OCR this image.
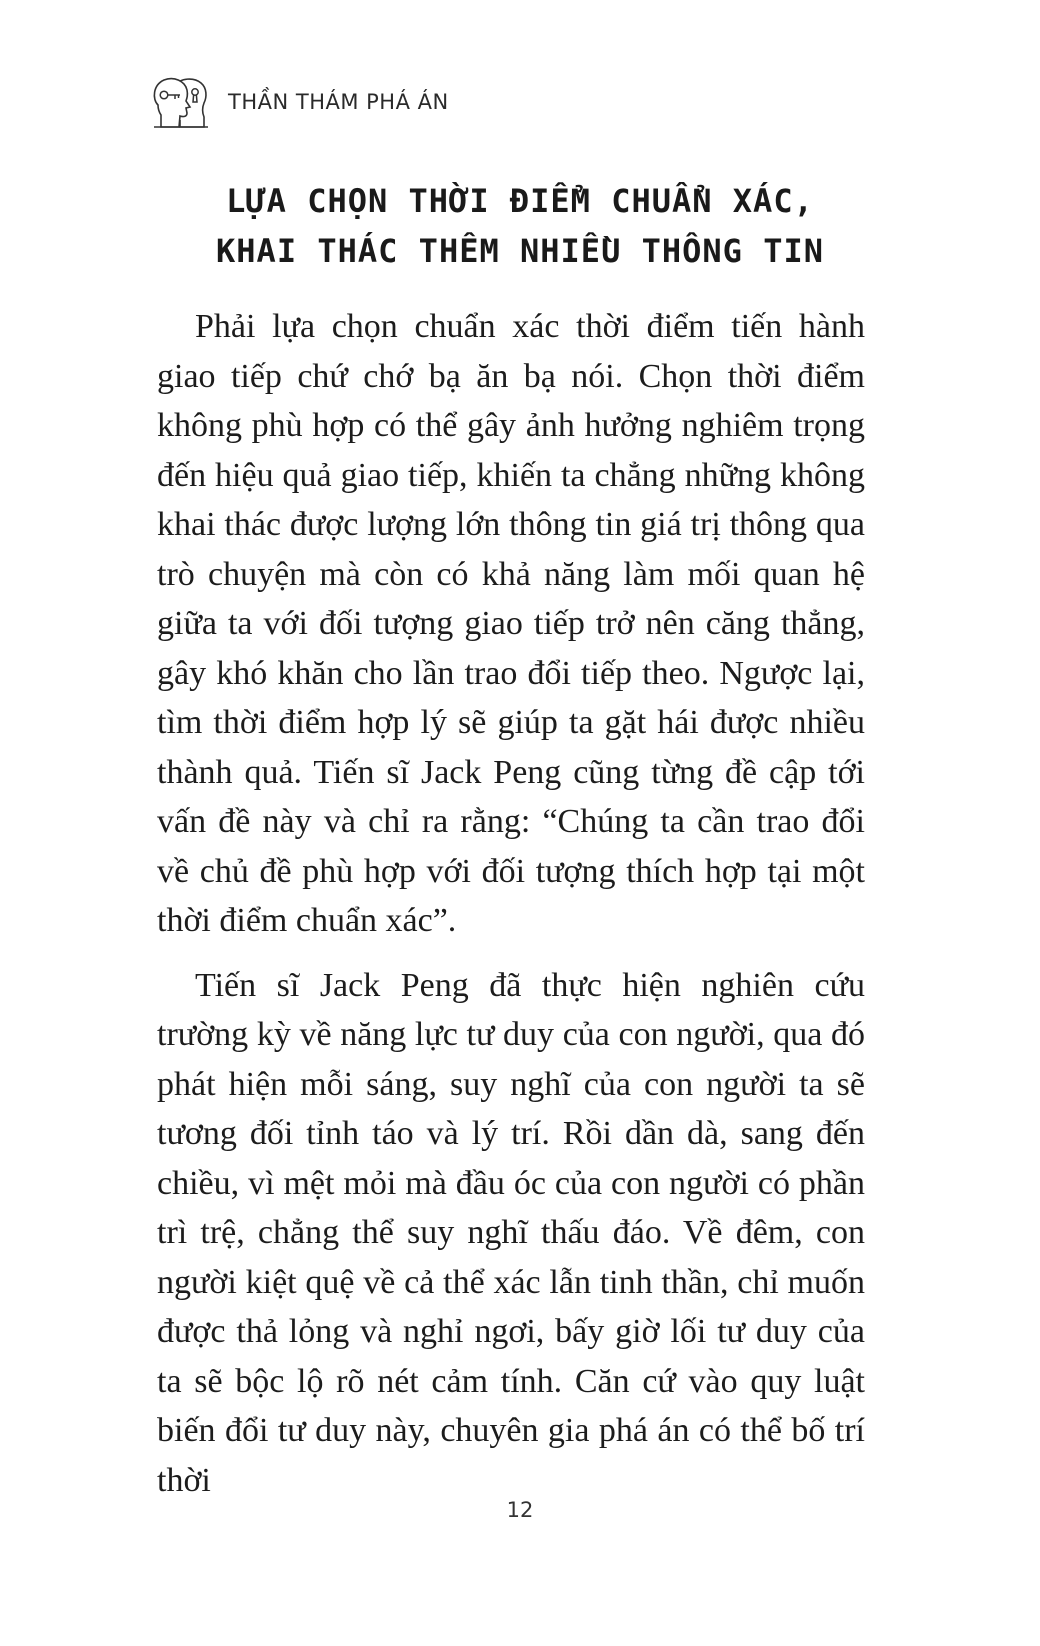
THẦN THÁM PHÁ ÁN
LỰA CHỌN THỜI ĐIỂM CHUẨN XÁC,
KHAI THÁC THÊM NHIỀU THÔNG TIN

Phải lựa chọn chuẩn xác thời điểm tiến hành giao tiếp chứ chớ bạ ăn bạ nói. Chọn thời điểm không phù hợp có thể gây ảnh hưởng nghiêm trọng đến hiệu quả giao tiếp, khiến ta chẳng những không khai thác được lượng lớn thông tin giá trị thông qua trò chuyện mà còn có khả năng làm mối quan hệ giữa ta với đối tượng giao tiếp trở nên căng thẳng, gây khó khăn cho lần trao đổi tiếp theo. Ngược lại, tìm thời điểm hợp lý sẽ giúp ta gặt hái được nhiều thành quả. Tiến sĩ Jack Peng cũng từng đề cập tới vấn đề này và chỉ ra rằng: “Chúng ta cần trao đổi về chủ đề phù hợp với đối tượng thích hợp tại một thời điểm chuẩn xác”.

Tiến sĩ Jack Peng đã thực hiện nghiên cứu trường kỳ về năng lực tư duy của con người, qua đó phát hiện mỗi sáng, suy nghĩ của con người ta sẽ tương đối tỉnh táo và lý trí. Rồi dần dà, sang đến chiều, vì mệt mỏi mà đầu óc của con người có phần trì trệ, chẳng thể suy nghĩ thấu đáo. Về đêm, con người kiệt quệ về cả thể xác lẫn tinh thần, chỉ muốn được thả lỏng và nghỉ ngơi, bấy giờ lối tư duy của ta sẽ bộc lộ rõ nét cảm tính. Căn cứ vào quy luật biến đổi tư duy này, chuyên gia phá án có thể bố trí thời

12
